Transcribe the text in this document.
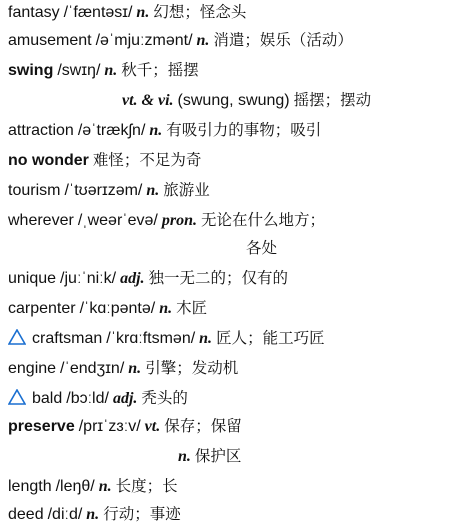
fantasy /ˈfæntəsɪ/ n. 幻想；怪念头
amusement /əˈmjuːzmənt/ n. 消遣；娱乐（活动）
swing /swɪŋ/ n. 秋千；摇摆
vt. & vi. (swung, swung) 摇摆；摆动
attraction /əˈtrækʃn/ n. 有吸引力的事物；吸引
no wonder 难怪；不足为奇
tourism /ˈtʊərɪzəm/ n. 旅游业
wherever /ˌweərˈevə/ pron. 无论在什么地方；
各处
unique /juːˈniːk/ adj. 独一无二的；仅有的
carpenter /ˈkɑːpəntə/ n. 木匠
craftsman /ˈkrɑːftsmən/ n. 匠人；能工巧匠
engine /ˈendʒɪn/ n. 引擎；发动机
bald /bɔːld/ adj. 秃头的
preserve /prɪˈzɜːv/ vt. 保存；保留
n. 保护区
length /leŋθ/ n. 长度；长
deed /diːd/ n. 行动；事迹
